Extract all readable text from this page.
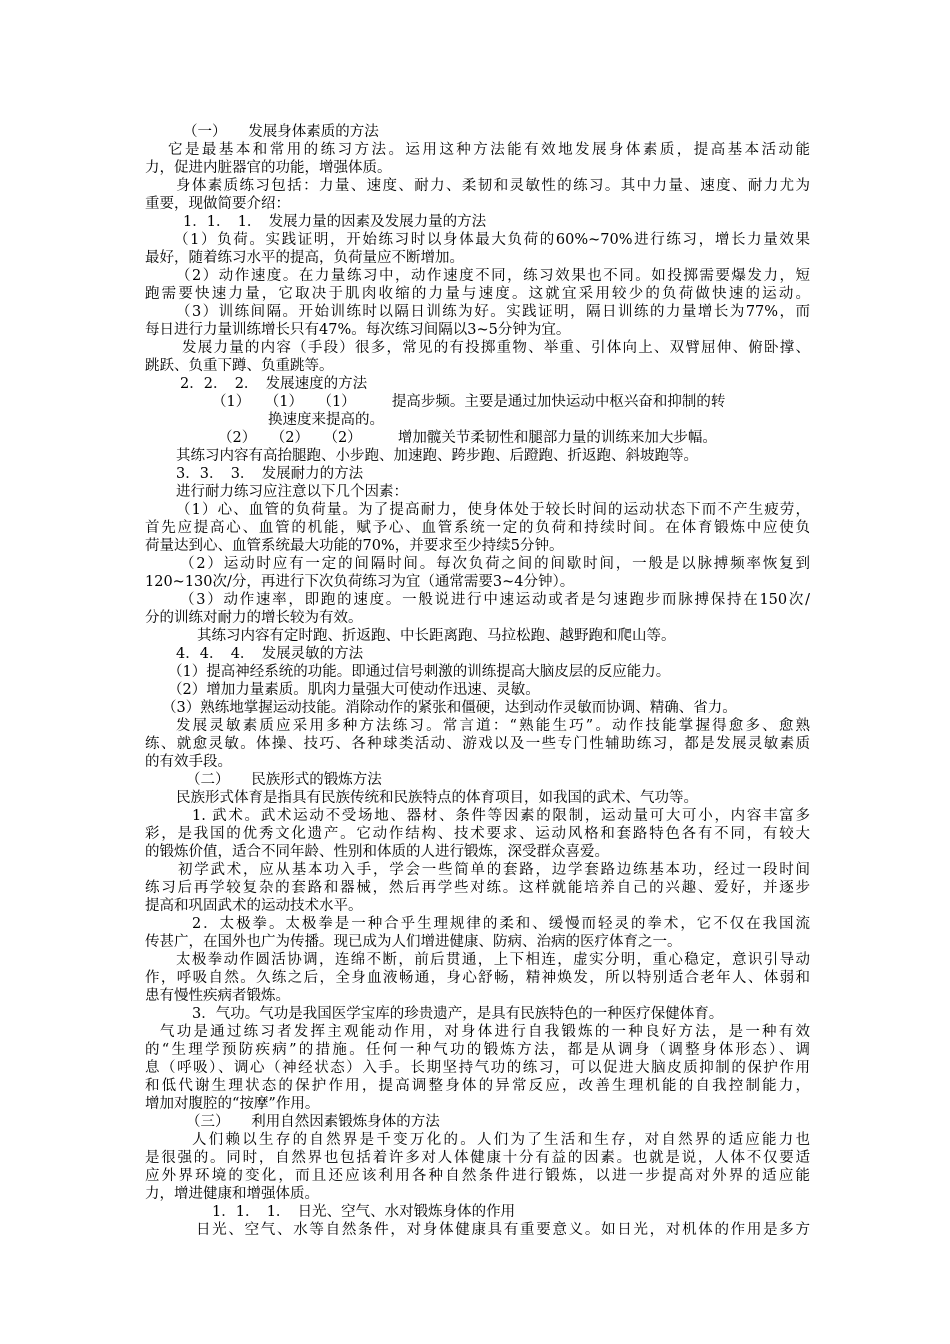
（一）　　发展身体素质的方法
它是最基本和常用的练习方法。运用这种方法能有效地发展身体素质，提高基本活动能
力，促进内脏器官的功能，增强体质。
身体素质练习包括：力量、速度、耐力、柔韧和灵敏性的练习。其中力量、速度、耐力尤为
重要，现做简要介绍：
1．1．　1．　发展力量的因素及发展力量的方法
（1）负荷。实践证明，开始练习时以身体最大负荷的60%~70%进行练习，增长力量效果
最好，随着练习水平的提高，负荷量应不断增加。
（2）动作速度。在力量练习中，动作速度不同，练习效果也不同。如投掷需要爆发力，短
跑需要快速力量，它取决于肌肉收缩的力量与速度。这就宜采用较少的负荷做快速的运动。
（3）训练间隔。开始训练时以隔日训练为好。实践证明，隔日训练的力量增长为77%，而
每日进行力量训练增长只有47%。每次练习间隔以3~5分钟为宜。
发展力量的内容（手段）很多，常见的有投掷重物、举重、引体向上、双臂屈伸、俯卧撑、
跳跃、负重下蹲、负重跳等。
2．2．　2．　发展速度的方法
（1）　　（1）　　（1）　　　提高步频。主要是通过加快运动中枢兴奋和抑制的转
换速度来提高的。
（2）　　（2）　　（2）　　　增加髋关节柔韧性和腿部力量的训练来加大步幅。
其练习内容有高抬腿跑、小步跑、加速跑、跨步跑、后蹬跑、折返跑、斜坡跑等。
3．3．　3．　发展耐力的方法
进行耐力练习应注意以下几个因素：
（1）心、血管的负荷量。为了提高耐力，使身体处于较长时间的运动状态下而不产生疲劳，
首先应提高心、血管的机能，赋予心、血管系统一定的负荷和持续时间。在体育锻炼中应使负
荷量达到心、血管系统最大功能的70%，并要求至少持续5分钟。
（2）运动时应有一定的间隔时间。每次负荷之间的间歇时间，一般是以脉搏频率恢复到
120~130次/分，再进行下次负荷练习为宜（通常需要3~4分钟）。
（3）动作速率，即跑的速度。一般说进行中速运动或者是匀速跑步而脉搏保持在150次/
分的训练对耐力的增长较为有效。
其练习内容有定时跑、折返跑、中长距离跑、马拉松跑、越野跑和爬山等。
4．4．　4．　发展灵敏的方法
（1）提高神经系统的功能。即通过信号刺激的训练提高大脑皮层的反应能力。
（2）增加力量素质。肌肉力量强大可使动作迅速、灵敏。
（3）熟练地掌握运动技能。消除动作的紧张和僵硬，达到动作灵敏而协调、精确、省力。
发展灵敏素质应采用多种方法练习。常言道：“熟能生巧”。动作技能掌握得愈多、愈熟
练、就愈灵敏。体操、技巧、各种球类活动、游戏以及一些专门性辅助练习，都是发展灵敏素质
的有效手段。
（二）　　民族形式的锻炼方法
民族形式体育是指具有民族传统和民族特点的体育项目，如我国的武术、气功等。
1. 武术。武术运动不受场地、器材、条件等因素的限制，运动量可大可小，内容丰富多
彩，是我国的优秀文化遗产。它动作结构、技术要求、运动风格和套路特色各有不同，有较大
的锻炼价值，适合不同年龄、性别和体质的人进行锻炼，深受群众喜爱。
初学武术，应从基本功入手，学会一些简单的套路，边学套路边练基本功，经过一段时间
练习后再学较复杂的套路和器械，然后再学些对练。这样就能培养自己的兴趣、爱好，并逐步
提高和巩固武术的运动技术水平。
2．太极拳。太极拳是一种合乎生理规律的柔和、缓慢而轻灵的拳术，它不仅在我国流
传甚广，在国外也广为传播。现已成为人们增进健康、防病、治病的医疗体育之一。
太极拳动作圆活协调，连绵不断，前后贯通，上下相连，虚实分明，重心稳定，意识引导动
作，呼吸自然。久练之后，全身血液畅通，身心舒畅，精神焕发，所以特别适合老年人、体弱和
患有慢性疾病者锻炼。
3．气功。气功是我国医学宝库的珍贵遗产，是具有民族特色的一种医疗保健体育。
气功是通过练习者发挥主观能动作用，对身体进行自我锻炼的一种良好方法，是一种有效
的“生理学预防疾病”的措施。任何一种气功的锻炼方法，都是从调身（调整身体形态）、调
息（呼吸）、调心（神经状态）入手。长期坚持气功的练习，可以促进大脑皮质抑制的保护作用
和低代谢生理状态的保护作用，提高调整身体的异常反应，改善生理机能的自我控制能力，
增加对腹腔的“按摩”作用。
（三）　　利用自然因素锻炼身体的方法
人们赖以生存的自然界是千变万化的。人们为了生活和生存，对自然界的适应能力也
是很强的。同时，自然界也包括着许多对人体健康十分有益的因素。也就是说，人体不仅要适
应外界环境的变化，而且还应该利用各种自然条件进行锻炼，以进一步提高对外界的适应能
力，增进健康和增强体质。
1．1．　1．　日光、空气、水对锻炼身体的作用
日光、空气、水等自然条件，对身体健康具有重要意义。如日光，对机体的作用是多方
